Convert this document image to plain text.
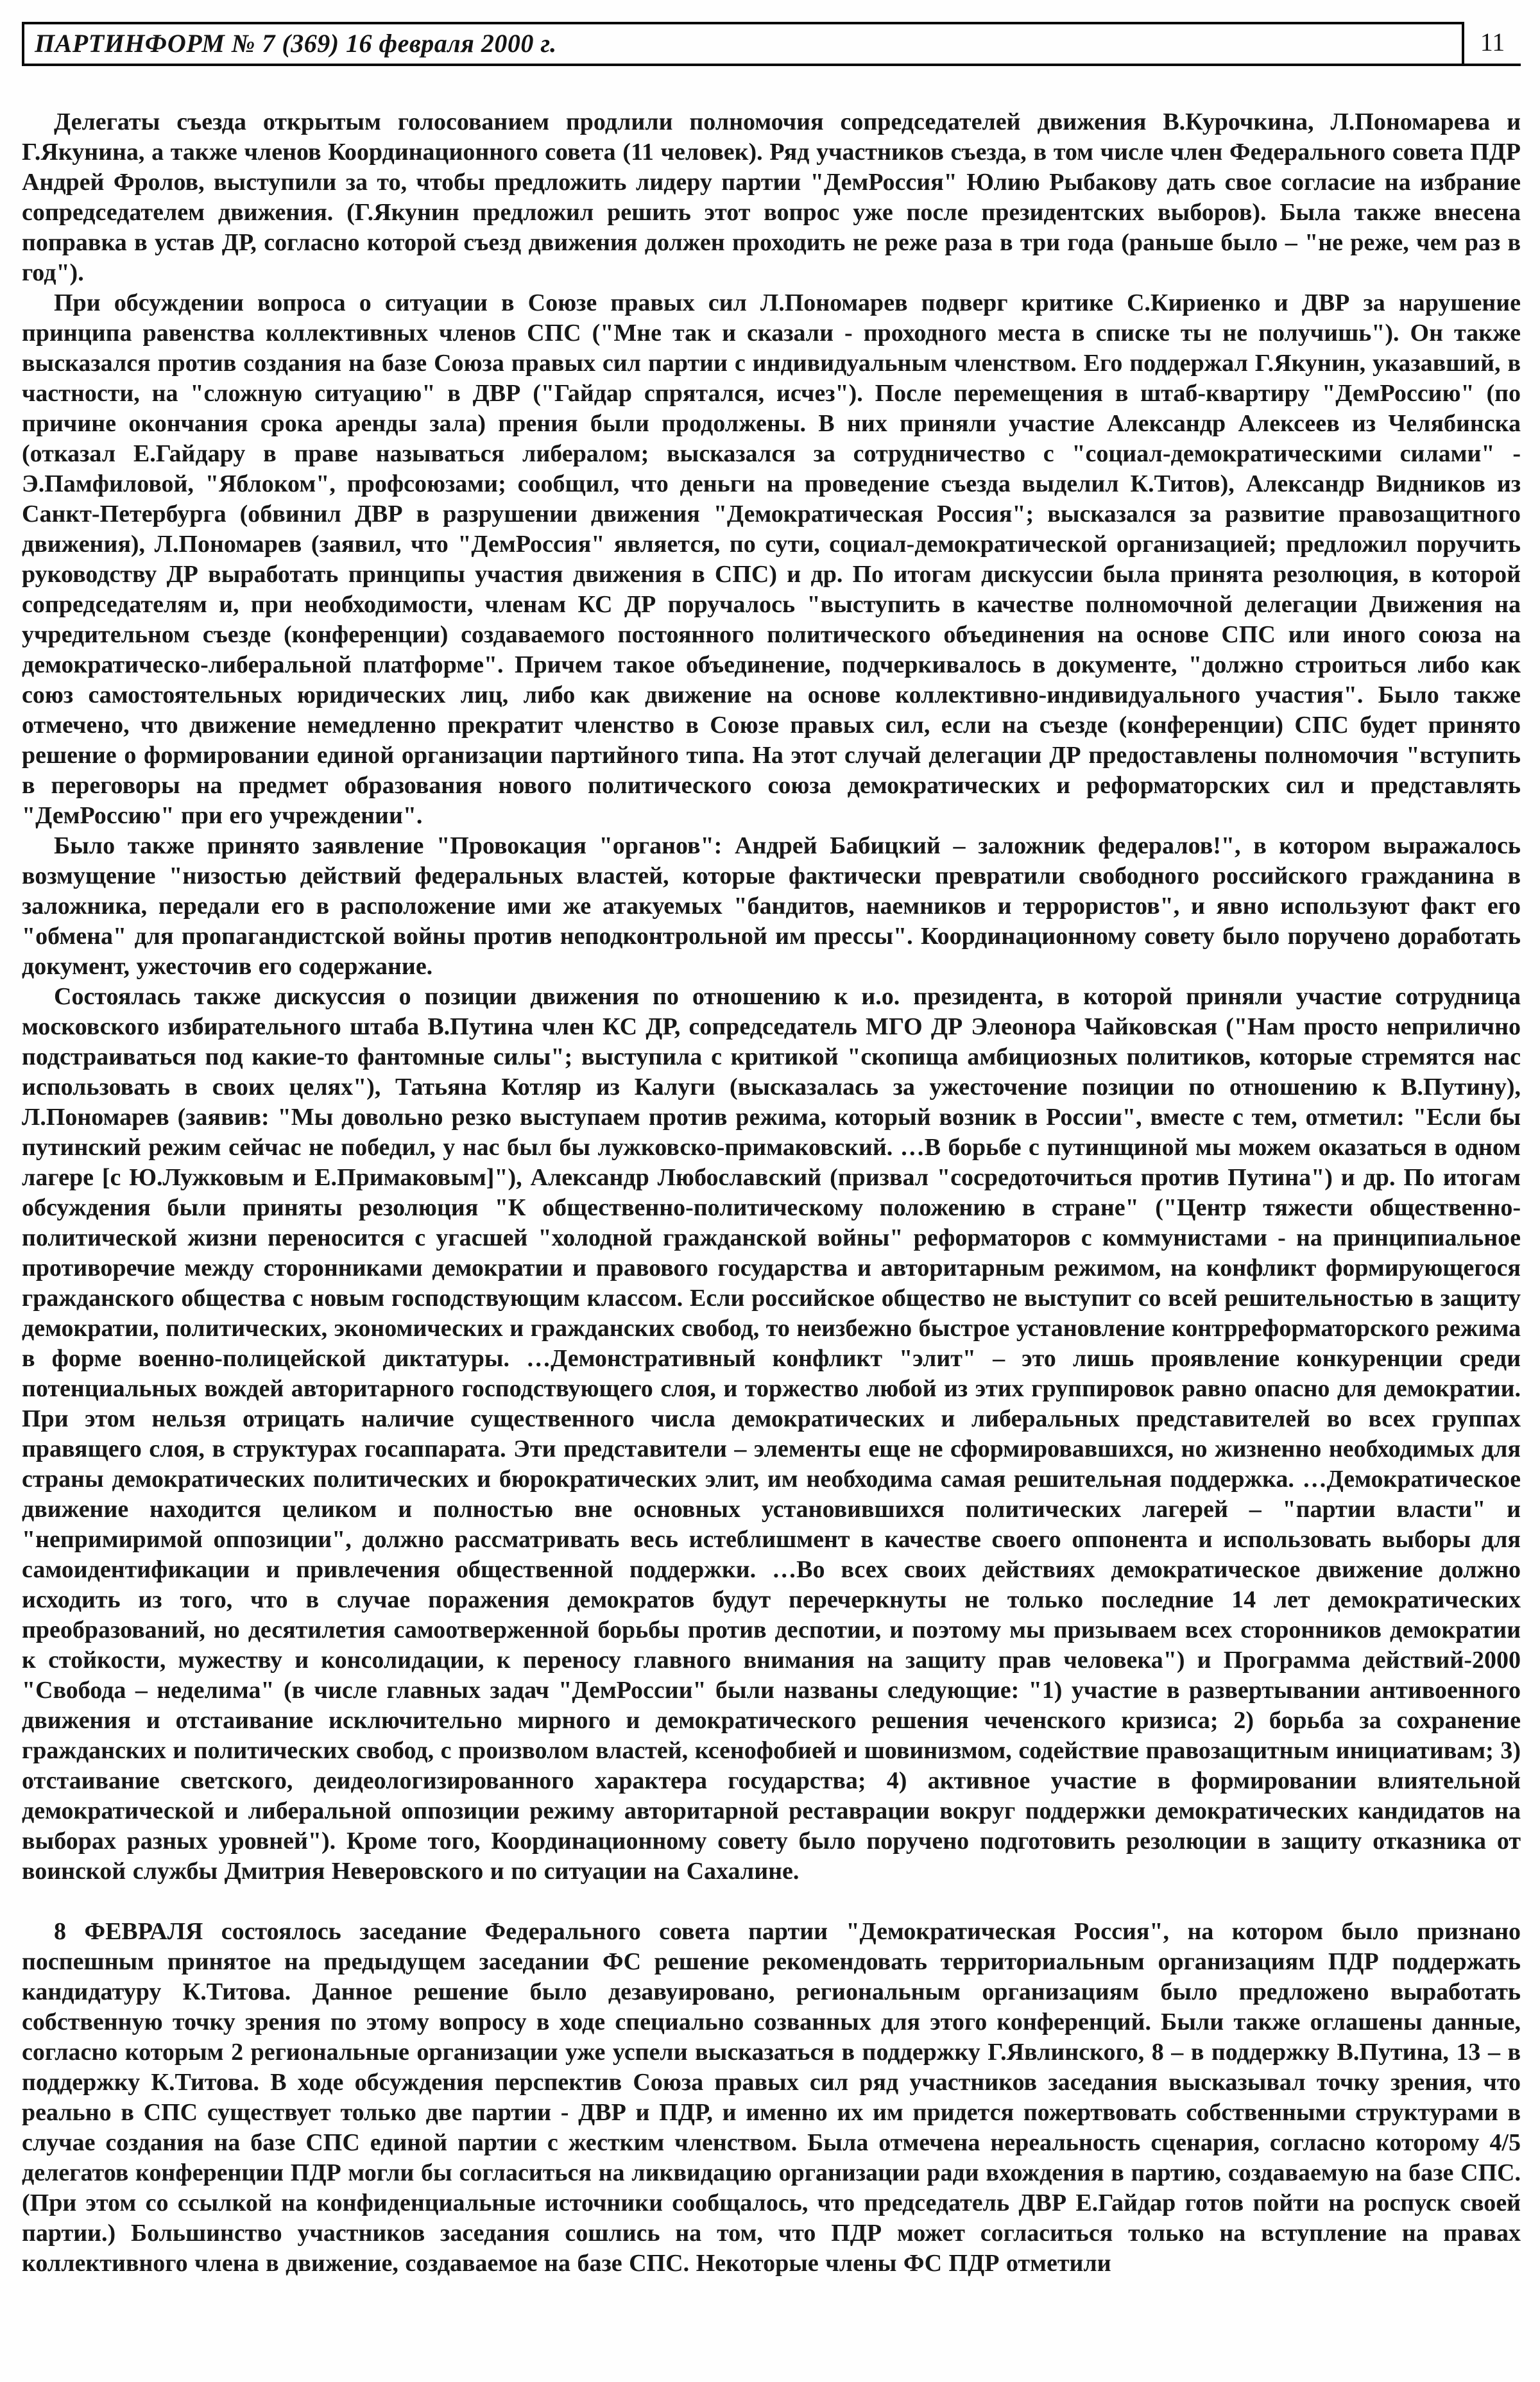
ПАРТИНФОРМ № 7 (369) 16 февраля 2000 г.	11

Делегаты съезда открытым голосованием продлили полномочия сопредседателей движения В.Курочкина, Л.Пономарева и Г.Якунина, а также членов Координационного совета (11 человек). Ряд участников съезда, в том числе член Федерального совета ПДР Андрей Фролов, выступили за то, чтобы предложить лидеру партии "ДемРоссия" Юлию Рыбакову дать свое согласие на избрание сопредседателем движения. (Г.Якунин предложил решить этот вопрос уже после президентских выборов). Была также внесена поправка в устав ДР, согласно которой съезд движения должен проходить не реже раза в три года (раньше было – "не реже, чем раз в год").

При обсуждении вопроса о ситуации в Союзе правых сил Л.Пономарев подверг критике С.Кириенко и ДВР за нарушение принципа равенства коллективных членов СПС ("Мне так и сказали - проходного места в списке ты не получишь"). Он также высказался против создания на базе Союза правых сил партии с индивидуальным членством. Его поддержал Г.Якунин, указавший, в частности, на "сложную ситуацию" в ДВР ("Гайдар спрятался, исчез"). После перемещения в штаб-квартиру "ДемРоссию" (по причине окончания срока аренды зала) прения были продолжены. В них приняли участие Александр Алексеев из Челябинска (отказал Е.Гайдару в праве называться либералом; высказался за сотрудничество с "социал-демократическими силами" - Э.Памфиловой, "Яблоком", профсоюзами; сообщил, что деньги на проведение съезда выделил К.Титов), Александр Видников из Санкт-Петербурга (обвинил ДВР в разрушении движения "Демократическая Россия"; высказался за развитие правозащитного движения), Л.Пономарев (заявил, что "ДемРоссия" является, по сути, социал-демократической организацией; предложил поручить руководству ДР выработать принципы участия движения в СПС) и др. По итогам дискуссии была принята резолюция, в которой сопредседателям и, при необходимости, членам КС ДР поручалось "выступить в качестве полномочной делегации Движения на учредительном съезде (конференции) создаваемого постоянного политического объединения на основе СПС или иного союза на демократическо-либеральной платформе". Причем такое объединение, подчеркивалось в документе, "должно строиться либо как союз самостоятельных юридических лиц, либо как движение на основе коллективно-индивидуального участия". Было также отмечено, что движение немедленно прекратит членство в Союзе правых сил, если на съезде (конференции) СПС будет принято решение о формировании единой организации партийного типа. На этот случай делегации ДР предоставлены полномочия "вступить в переговоры на предмет образования нового политического союза демократических и реформаторских сил и представлять "ДемРоссию" при его учреждении".

Было также принято заявление "Провокация "органов": Андрей Бабицкий – заложник федералов!", в котором выражалось возмущение "низостью действий федеральных властей, которые фактически превратили свободного российского гражданина в заложника, передали его в расположение ими же атакуемых "бандитов, наемников и террористов", и явно используют факт его "обмена" для пропагандистской войны против неподконтрольной им прессы". Координационному совету было поручено доработать документ, ужесточив его содержание.

Состоялась также дискуссия о позиции движения по отношению к и.о. президента, в которой приняли участие сотрудница московского избирательного штаба В.Путина член КС ДР, сопредседатель МГО ДР Элеонора Чайковская ("Нам просто неприлично подстраиваться под какие-то фантомные силы"; выступила с критикой "скопища амбициозных политиков, которые стремятся нас использовать в своих целях"), Татьяна Котляр из Калуги (высказалась за ужесточение позиции по отношению к В.Путину), Л.Пономарев (заявив: "Мы довольно резко выступаем против режима, который возник в России", вместе с тем, отметил: "Если бы путинский режим сейчас не победил, у нас был бы лужковско-примаковский. …В борьбе с путинщиной мы можем оказаться в одном лагере [с Ю.Лужковым и Е.Примаковым]"), Александр Любославский (призвал "сосредоточиться против Путина") и др. По итогам обсуждения были приняты резолюция "К общественно-политическому положению в стране" ("Центр тяжести общественно-политической жизни переносится с угасшей "холодной гражданской войны" реформаторов с коммунистами - на принципиальное противоречие между сторонниками демократии и правового государства и авторитарным режимом, на конфликт формирующегося гражданского общества с новым господствующим классом. Если российское общество не выступит со всей решительностью в защиту демократии, политических, экономических и гражданских свобод, то неизбежно быстрое установление контрреформаторского режима в форме военно-полицейской диктатуры. …Демонстративный конфликт "элит" – это лишь проявление конкуренции среди потенциальных вождей авторитарного господствующего слоя, и торжество любой из этих группировок равно опасно для демократии. При этом нельзя отрицать наличие существенного числа демократических и либеральных представителей во всех группах правящего слоя, в структурах госаппарата. Эти представители – элементы еще не сформировавшихся, но жизненно необходимых для страны демократических политических и бюрократических элит, им необходима самая решительная поддержка. …Демократическое движение находится целиком и полностью вне основных установившихся политических лагерей – "партии власти" и "непримиримой оппозиции", должно рассматривать весь истеблишмент в качестве своего оппонента и использовать выборы для самоидентификации и привлечения общественной поддержки. …Во всех своих действиях демократическое движение должно исходить из того, что в случае поражения демократов будут перечеркнуты не только последние 14 лет демократических преобразований, но десятилетия самоотверженной борьбы против деспотии, и поэтому мы призываем всех сторонников демократии к стойкости, мужеству и консолидации, к переносу главного внимания на защиту прав человека") и Программа действий-2000 "Свобода – неделима" (в числе главных задач "ДемРоссии" были названы следующие: "1) участие в развертывании антивоенного движения и отстаивание исключительно мирного и демократического решения чеченского кризиса; 2) борьба за сохранение гражданских и политических свобод, с произволом властей, ксенофобией и шовинизмом, содействие правозащитным инициативам; 3) отстаивание светского, деидеологизированного характера государства; 4) активное участие в формировании влиятельной демократической и либеральной оппозиции режиму авторитарной реставрации вокруг поддержки демократических кандидатов на выборах разных уровней"). Кроме того, Координационному совету было поручено подготовить резолюции в защиту отказника от воинской службы Дмитрия Неверовского и по ситуации на Сахалине.

8 ФЕВРАЛЯ состоялось заседание Федерального совета партии "Демократическая Россия", на котором было признано поспешным принятое на предыдущем заседании ФС решение рекомендовать территориальным организациям ПДР поддержать кандидатуру К.Титова. Данное решение было дезавуировано, региональным организациям было предложено выработать собственную точку зрения по этому вопросу в ходе специально созванных для этого конференций. Были также оглашены данные, согласно которым 2 региональные организации уже успели высказаться в поддержку Г.Явлинского, 8 – в поддержку В.Путина, 13 – в поддержку К.Титова. В ходе обсуждения перспектив Союза правых сил ряд участников заседания высказывал точку зрения, что реально в СПС существует только две партии - ДВР и ПДР, и именно их им придется пожертвовать собственными структурами в случае создания на базе СПС единой партии с жестким членством. Была отмечена нереальность сценария, согласно которому 4/5 делегатов конференции ПДР могли бы согласиться на ликвидацию организации ради вхождения в партию, создаваемую на базе СПС. (При этом со ссылкой на конфиденциальные источники сообщалось, что председатель ДВР Е.Гайдар готов пойти на роспуск своей партии.) Большинство участников заседания сошлись на том, что ПДР может согласиться только на вступление на правах коллективного члена в движение, создаваемое на базе СПС. Некоторые члены ФС ПДР отметили
